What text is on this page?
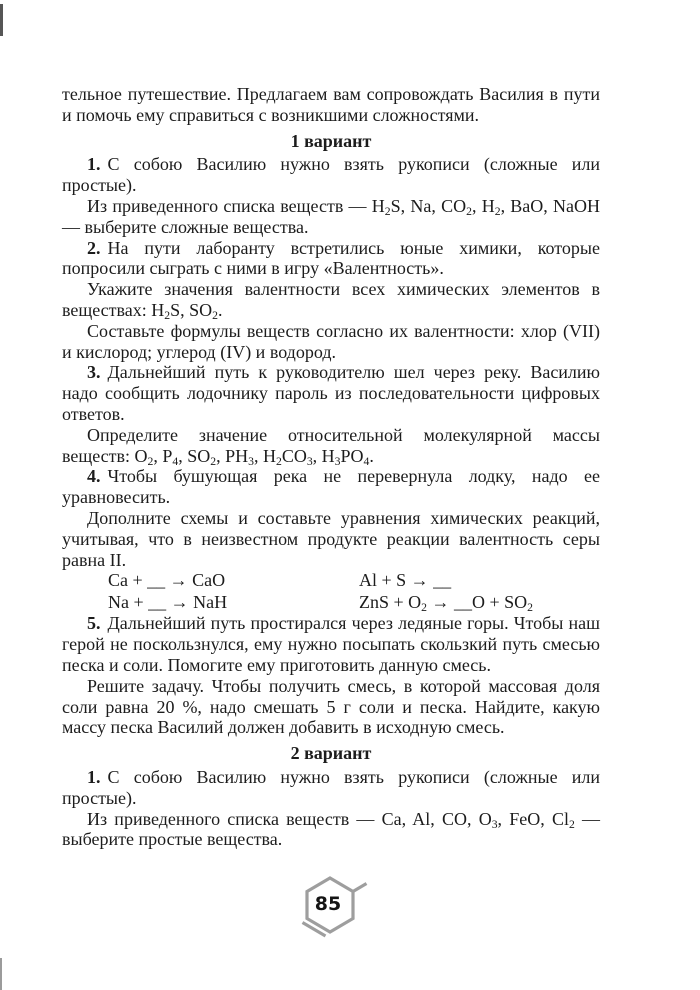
тельное путешествие. Предлагаем вам сопровождать Василия в пути и помочь ему справиться с возникшими сложностями.

1 вариант

1. С собою Василию нужно взять рукописи (сложные или простые).

Из приведенного списка веществ — $H_2S$, Na, $CO_2$, $H_2$, BaO, NaOH — выберите сложные вещества.

2. На пути лаборанту встретились юные химики, которые попросили сыграть с ними в игру «Валентность».

Укажите значения валентности всех химических элементов в веществах: $H_2S$, $SO_2$.

Составьте формулы веществ согласно их валентности: хлор (VII) и кислород; углерод (IV) и водород.

3. Дальнейший путь к руководителю шел через реку. Василию надо сообщить лодочнику пароль из последовательности цифровых ответов.

Определите значение относительной молекулярной массы веществ: $O_2$, $P_4$, $SO_2$, $PH_3$, $H_2CO_3$, $H_3PO_4$.

4. Чтобы бушующая река не перевернула лодку, надо ее уравновесить.

Дополните схемы и составьте уравнения химических реакций, учитывая, что в неизвестном продукте реакции валентность серы равна II.

Ca + __ → CaO
Na + __ → NaH
Al + S → __
ZnS + $O_2$ → __O + $SO_2$

5. Дальнейший путь простирался через ледяные горы. Чтобы наш герой не поскользнулся, ему нужно посыпать скользкий путь смесью песка и соли. Помогите ему приготовить данную смесь.

Решите задачу. Чтобы получить смесь, в которой массовая доля соли равна 20 %, надо смешать 5 г соли и песка. Найдите, какую массу песка Василий должен добавить в исходную смесь.

2 вариант

1. С собою Василию нужно взять рукописи (сложные или простые).

Из приведенного списка веществ — Ca, Al, CO, $O_3$, FeO, $Cl_2$ — выберите простые вещества.

85
